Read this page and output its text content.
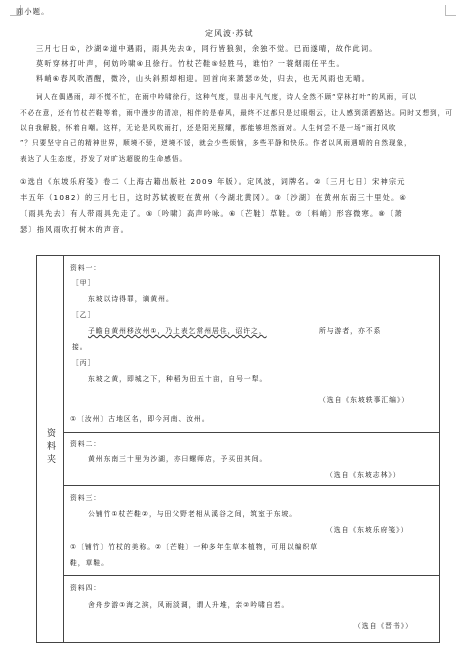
面小题。
定风波·苏轼
三月七日①，沙湖②道中遇雨，雨具先去③，同行皆狼狈，余独不觉。已而遂晴，故作此词。
莫听穿林打叶声，何妨吟啸④且徐行。竹杖芒鞋⑤轻胜马，谁怕？一蓑烟雨任平生。
料峭⑥春风吹酒醒，微冷，山头斜照却相迎。回首向来萧瑟⑦处，归去，也无风雨也无晴。
词人在偶遇雨，却不慌不忙，在雨中吟啸徐行，这种气度，显出非凡气度，诗人全然不顾“穿林打叶”的风雨，可以
不必在意，还有竹杖芒鞋等着，雨中漫步的清凉，相伴的是春风，最终不过都只是过眼烟云，让人感到潇洒豁达。同时又想到，可
以自我解脱，怀着自嘲。这样，无论是风吹雨打，还是阳光照耀，都能够坦然面对。人生何尝不是一场“雨打风吹
”？只要坚守自己的精神世界，顺境不骄，逆境不馁，就会少些烦恼，多些平静和快乐。作者以风雨遇晴的自然现象，
表达了人生态度，抒发了对旷达超脱的生命感悟。
①选自《东坡乐府笺》卷二（上海古籍出版社 2009 年版）。定风波，词牌名。②〔三月七日〕宋神宗元
丰五年（1082）的三月七日，这时苏轼被贬在黄州（今湖北黄冈）。③〔沙湖〕在黄州东南三十里处。④
〔雨具先去〕有人带雨具先走了。⑤〔吟啸〕高声吟咏。⑥〔芒鞋〕草鞋。⑦〔料峭〕形容微寒。⑧〔萧
瑟〕指风雨吹打树木的声音。
资料夹	
资料一：
［甲］
东坡以诗得罪，谪黄州。
［乙］
子瞻自黄州移汝州①，乃上表乞常州居住，诏许之，	所与游者，亦不系
接。
［丙］
东坡之黄，即城之下，种稻为田五十亩，自号一犁。
（选自《东坡轶事汇编》）
①〔汝州〕古地区名，即今河南、汝州。

资料二：
黄州东南三十里为沙湖，亦曰螺师店，予买田其间。
（选自《东坡志林》）

资料三：
公铺竹①杖芒鞋②，与田父野老相从溪谷之间，筑室于东坡。
（选自《东坡乐府笺》）
①〔铺竹〕竹杖的美称。②〔芒鞋〕一种多年生草本植物，可用以编织草
鞋，草鞋。

资料四：
舍舟步游①海之滨，风雨淡调，谓人升堆，亲②吟啸自若。
（选自《晋书》）
